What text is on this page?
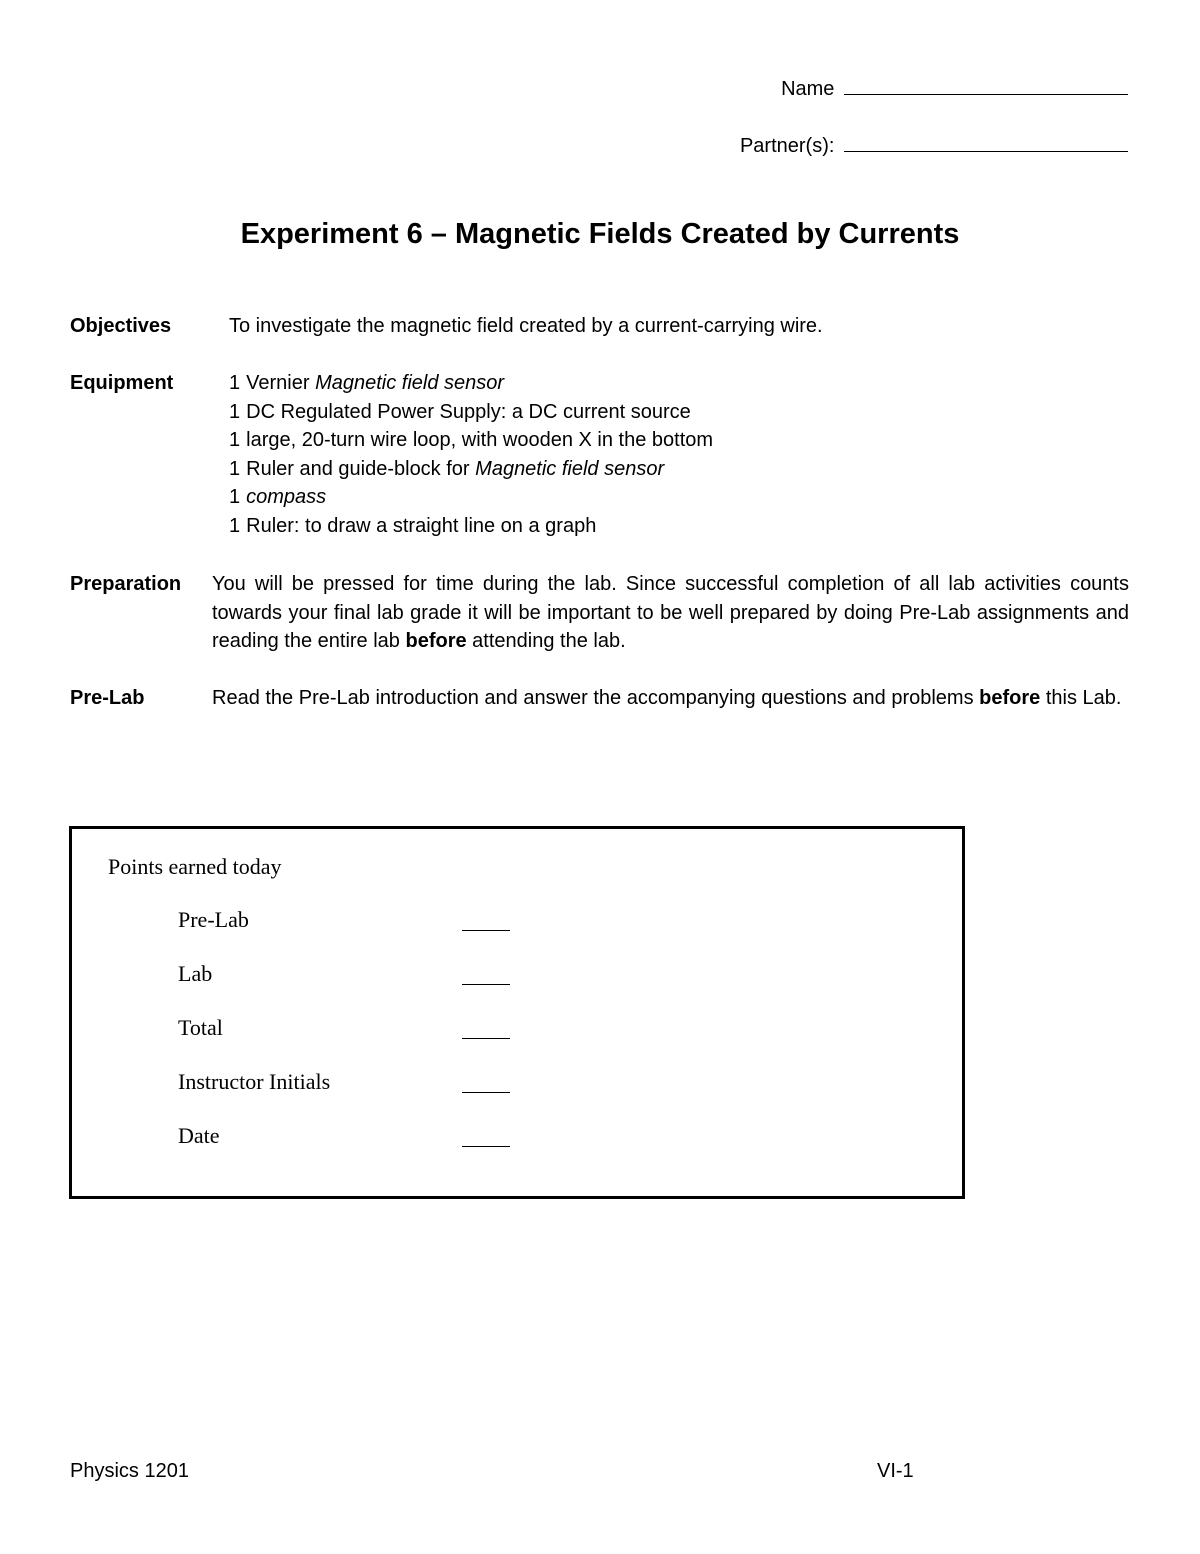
Name
Partner(s):
Experiment 6 – Magnetic Fields Created by Currents
Objectives	To investigate the magnetic field created by a current-carrying wire.
Equipment	1 Vernier Magnetic field sensor
1 DC Regulated Power Supply: a DC current source
1 large, 20-turn wire loop, with wooden X in the bottom
1 Ruler and guide-block for Magnetic field sensor
1 compass
1 Ruler: to draw a straight line on a graph
Preparation You will be pressed for time during the lab. Since successful completion of all lab activities counts towards your final lab grade it will be important to be well prepared by doing Pre-Lab assignments and reading the entire lab before attending the lab.
Pre-Lab	Read the Pre-Lab introduction and answer the accompanying questions and problems before this Lab.
Points earned today
Pre-Lab
Lab
Total
Instructor Initials
Date
Physics 1201	VI-1
